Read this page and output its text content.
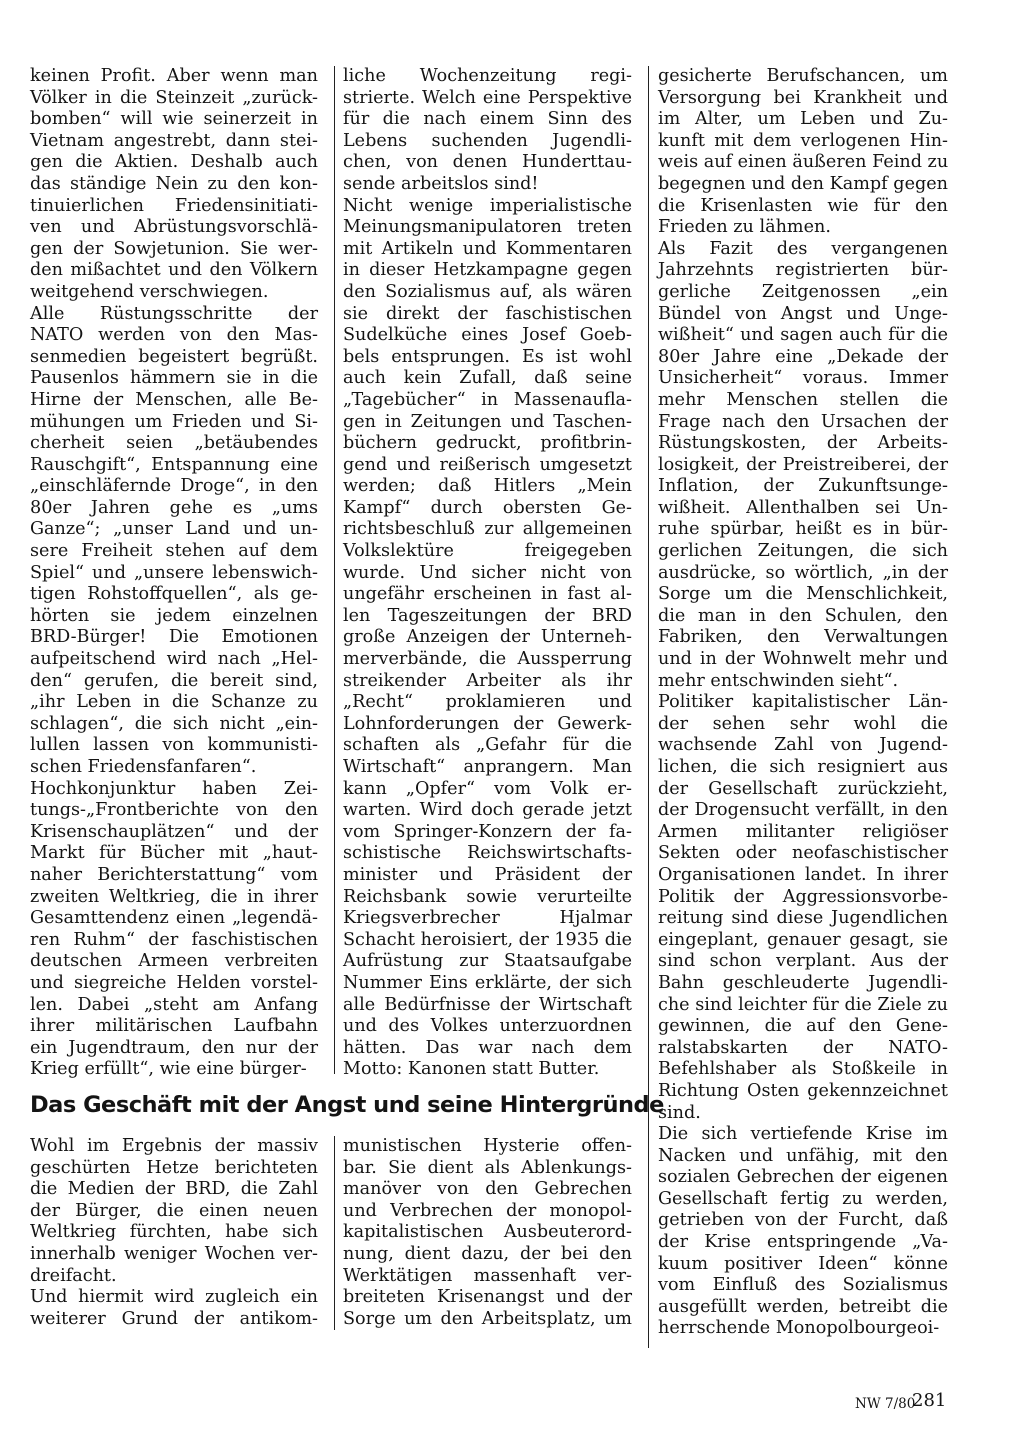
keinen Profit. Aber wenn man
Völker in die Steinzeit „zurück-
bomben“ will wie seinerzeit in
Vietnam angestrebt, dann stei-
gen die Aktien. Deshalb auch
das ständige Nein zu den kon-
tinuierlichen Friedensinitiati-
ven und Abrüstungsvorschlä-
gen der Sowjetunion. Sie wer-
den mißachtet und den Völkern
weitgehend verschwiegen.
Alle Rüstungsschritte der
NATO werden von den Mas-
senmedien begeistert begrüßt.
Pausenlos hämmern sie in die
Hirne der Menschen, alle Be-
mühungen um Frieden und Si-
cherheit seien „betäubendes
Rauschgift“, Entspannung eine
„einschläfernde Droge“, in den
80er Jahren gehe es „ums
Ganze“; „unser Land und un-
sere Freiheit stehen auf dem
Spiel“ und „unsere lebenswich-
tigen Rohstoffquellen“, als ge-
hörten sie jedem einzelnen
BRD-Bürger! Die Emotionen
aufpeitschend wird nach „Hel-
den“ gerufen, die bereit sind,
„ihr Leben in die Schanze zu
schlagen“, die sich nicht „ein-
lullen lassen von kommunisti-
schen Friedensfanfaren“.
Hochkonjunktur haben Zei-
tungs-„Frontberichte von den
Krisenschauplätzen“ und der
Markt für Bücher mit „haut-
naher Berichterstattung“ vom
zweiten Weltkrieg, die in ihrer
Gesamttendenz einen „legendä-
ren Ruhm“ der faschistischen
deutschen Armeen verbreiten
und siegreiche Helden vorstel-
len. Dabei „steht am Anfang
ihrer militärischen Laufbahn
ein Jugendtraum, den nur der
Krieg erfüllt“, wie eine bürger-
liche Wochenzeitung regi-
strierte. Welch eine Perspektive
für die nach einem Sinn des
Lebens suchenden Jugendli-
chen, von denen Hunderttau-
sende arbeitslos sind!
Nicht wenige imperialistische
Meinungsmanipulatoren treten
mit Artikeln und Kommentaren
in dieser Hetzkampagne gegen
den Sozialismus auf, als wären
sie direkt der faschistischen
Sudelküche eines Josef Goeb-
bels entsprungen. Es ist wohl
auch kein Zufall, daß seine
„Tagebücher“ in Massenaufla-
gen in Zeitungen und Taschen-
büchern gedruckt, profitbrin-
gend und reißerisch umgesetzt
werden; daß Hitlers „Mein
Kampf“ durch obersten Ge-
richtsbeschluß zur allgemeinen
Volkslektüre freigegeben
wurde. Und sicher nicht von
ungefähr erscheinen in fast al-
len Tageszeitungen der BRD
große Anzeigen der Unterneh-
merverbände, die Aussperrung
streikender Arbeiter als ihr
„Recht“ proklamieren und
Lohnforderungen der Gewerk-
schaften als „Gefahr für die
Wirtschaft“ anprangern. Man
kann „Opfer“ vom Volk er-
warten. Wird doch gerade jetzt
vom Springer-Konzern der fa-
schistische Reichswirtschafts-
minister und Präsident der
Reichsbank sowie verurteilte
Kriegsverbrecher Hjalmar
Schacht heroisiert, der 1935 die
Aufrüstung zur Staatsaufgabe
Nummer Eins erklärte, der sich
alle Bedürfnisse der Wirtschaft
und des Volkes unterzuordnen
hätten. Das war nach dem
Motto: Kanonen statt Butter.
gesicherte Berufschancen, um
Versorgung bei Krankheit und
im Alter, um Leben und Zu-
kunft mit dem verlogenen Hin-
weis auf einen äußeren Feind zu
begegnen und den Kampf gegen
die Krisenlasten wie für den
Frieden zu lähmen.
Als Fazit des vergangenen
Jahrzehnts registrierten bür-
gerliche Zeitgenossen „ein
Bündel von Angst und Unge-
wißheit“ und sagen auch für die
80er Jahre eine „Dekade der
Unsicherheit“ voraus. Immer
mehr Menschen stellen die
Frage nach den Ursachen der
Rüstungskosten, der Arbeits-
losigkeit, der Preistreiberei, der
Inflation, der Zukunftsunge-
wißheit. Allenthalben sei Un-
ruhe spürbar, heißt es in bür-
gerlichen Zeitungen, die sich
ausdrücke, so wörtlich, „in der
Sorge um die Menschlichkeit,
die man in den Schulen, den
Fabriken, den Verwaltungen
und in der Wohnwelt mehr und
mehr entschwinden sieht“.
Politiker kapitalistischer Län-
der sehen sehr wohl die
wachsende Zahl von Jugend-
lichen, die sich resigniert aus
der Gesellschaft zurückzieht,
der Drogensucht verfällt, in den
Armen militanter religiöser
Sekten oder neofaschistischer
Organisationen landet. In ihrer
Politik der Aggressionsvorbe-
reitung sind diese Jugendlichen
eingeplant, genauer gesagt, sie
sind schon verplant. Aus der
Bahn geschleuderte Jugendli-
che sind leichter für die Ziele zu
gewinnen, die auf den Gene-
ralstabskarten der NATO-
Befehlshaber als Stoßkeile in
Richtung Osten gekennzeichnet
sind.
Die sich vertiefende Krise im
Nacken und unfähig, mit den
sozialen Gebrechen der eigenen
Gesellschaft fertig zu werden,
getrieben von der Furcht, daß
der Krise entspringende „Va-
kuum positiver Ideen“ könne
vom Einfluß des Sozialismus
ausgefüllt werden, betreibt die
herrschende Monopolbourgeoi-
Das Geschäft mit der Angst und seine Hintergründe
Wohl im Ergebnis der massiv
geschürten Hetze berichteten
die Medien der BRD, die Zahl
der Bürger, die einen neuen
Weltkrieg fürchten, habe sich
innerhalb weniger Wochen ver-
dreifacht.
Und hiermit wird zugleich ein
weiterer Grund der antikom-
munistischen Hysterie offen-
bar. Sie dient als Ablenkungs-
manöver von den Gebrechen
und Verbrechen der monopol-
kapitalistischen Ausbeuterord-
nung, dient dazu, der bei den
Werktätigen massenhaft ver-
breiteten Krisenangst und der
Sorge um den Arbeitsplatz, um
NW 7/80
281
